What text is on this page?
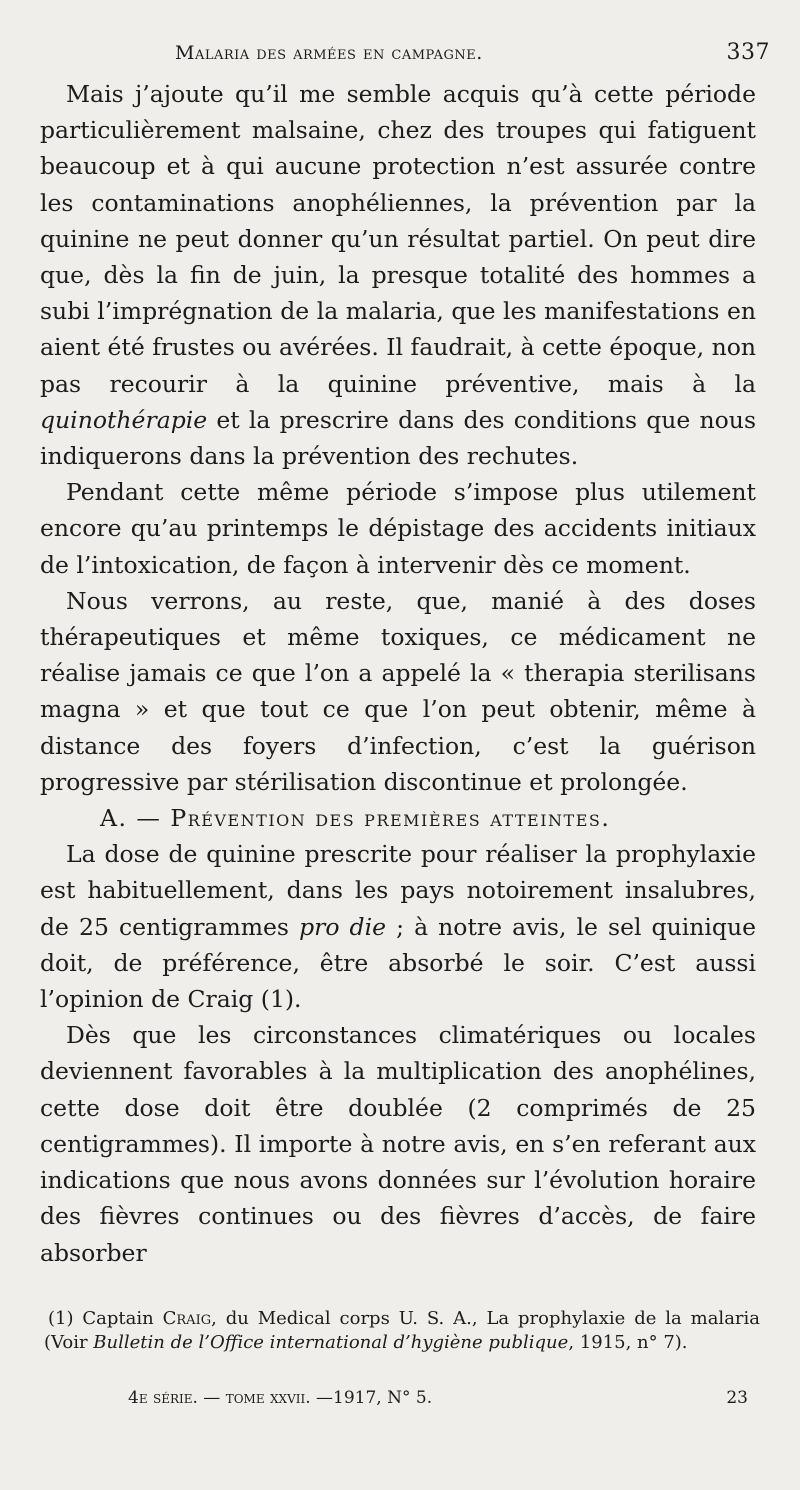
Malaria des armées en campagne.	337

Mais j’ajoute qu’il me semble acquis qu’à cette période particulièrement malsaine, chez des troupes qui fatiguent beaucoup et à qui aucune protection n’est assurée contre les contaminations anophéliennes, la prévention par la quinine ne peut donner qu’un résultat partiel. On peut dire que, dès la fin de juin, la presque totalité des hommes a subi l’imprégnation de la malaria, que les manifestations en aient été frustes ou avérées. Il faudrait, à cette époque, non pas recourir à la quinine préventive, mais à la quinothérapie et la prescrire dans des conditions que nous indiquerons dans la prévention des rechutes.

Pendant cette même période s’impose plus utilement encore qu’au printemps le dépistage des accidents initiaux de l’intoxication, de façon à intervenir dès ce moment.

Nous verrons, au reste, que, manié à des doses thérapeutiques et même toxiques, ce médicament ne réalise jamais ce que l’on a appelé la « therapia sterilisans magna » et que tout ce que l’on peut obtenir, même à distance des foyers d’infection, c’est la guérison progressive par stérilisation discontinue et prolongée.

A. — Prévention des premières atteintes.

La dose de quinine prescrite pour réaliser la prophylaxie est habituellement, dans les pays notoirement insalubres, de 25 centigrammes pro die ; à notre avis, le sel quinique doit, de préférence, être absorbé le soir. C’est aussi l’opinion de Craig (1).

Dès que les circonstances climatériques ou locales deviennent favorables à la multiplication des anophélines, cette dose doit être doublée (2 comprimés de 25 centigrammes). Il importe à notre avis, en s’en referant aux indications que nous avons données sur l’évolution horaire des fièvres continues ou des fièvres d’accès, de faire absorber

(1) Captain Craig, du Medical corps U. S. A., La prophylaxie de la malaria (Voir Bulletin de l’Office international d’hygiène publique, 1915, n° 7).

4e série. — tome xxvii. —1917, N° 5.	23
